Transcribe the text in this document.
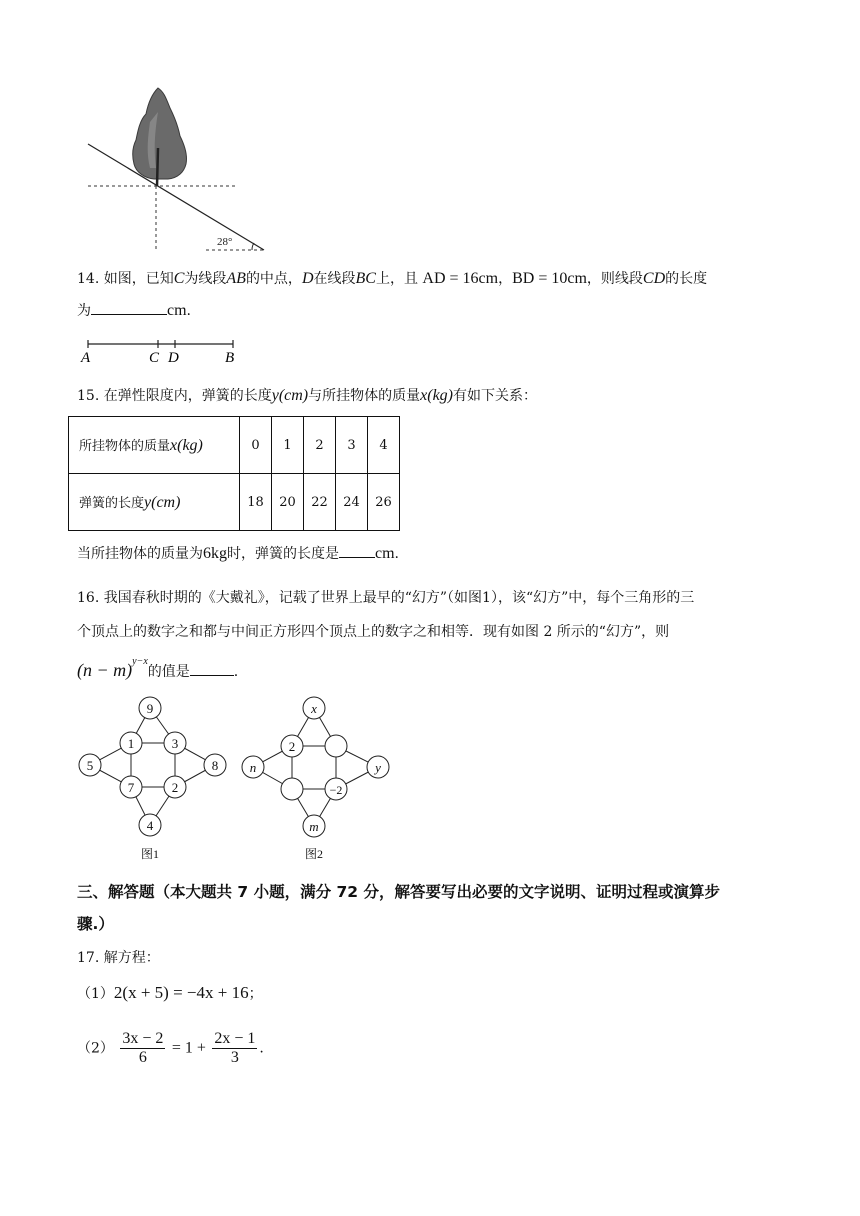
28°
14. 如图，已知C为线段AB的中点，D在线段BC上，且 AD = 16cm，BD = 10cm，则线段CD的长度
为	cm.
A	C D	B
15. 在弹性限度内，弹簧的长度y(cm)与所挂物体的质量x(kg)有如下关系：
所挂物体的质量x(kg)	0	1	2	3	4
弹簧的长度y(cm)	18	20	22	24	26
当所挂物体的质量为6kg时，弹簧的长度是 cm.
16. 我国春秋时期的《大戴礼》，记载了世界上最早的“幻方”（如图1），该“幻方”中，每个三角形的三
个顶点上的数字之和都与中间正方形四个顶点上的数字之和相等．现有如图 2 所示的“幻方”，则
$(n - m)^{y-x}$的值是	.
9
1	3
5
7	2
8
4
图1
x
2
n
−2
y
m
图2
三、解答题（本大题共 7 小题，满分 72 分，解答要写出必要的文字说明、证明过程或演算步
骤.）
17. 解方程：
（1）2(x + 5) = −4x + 16；
$(2) \frac{3x - 2}{6} = 1 + \frac{2x - 1}{3}$ .
